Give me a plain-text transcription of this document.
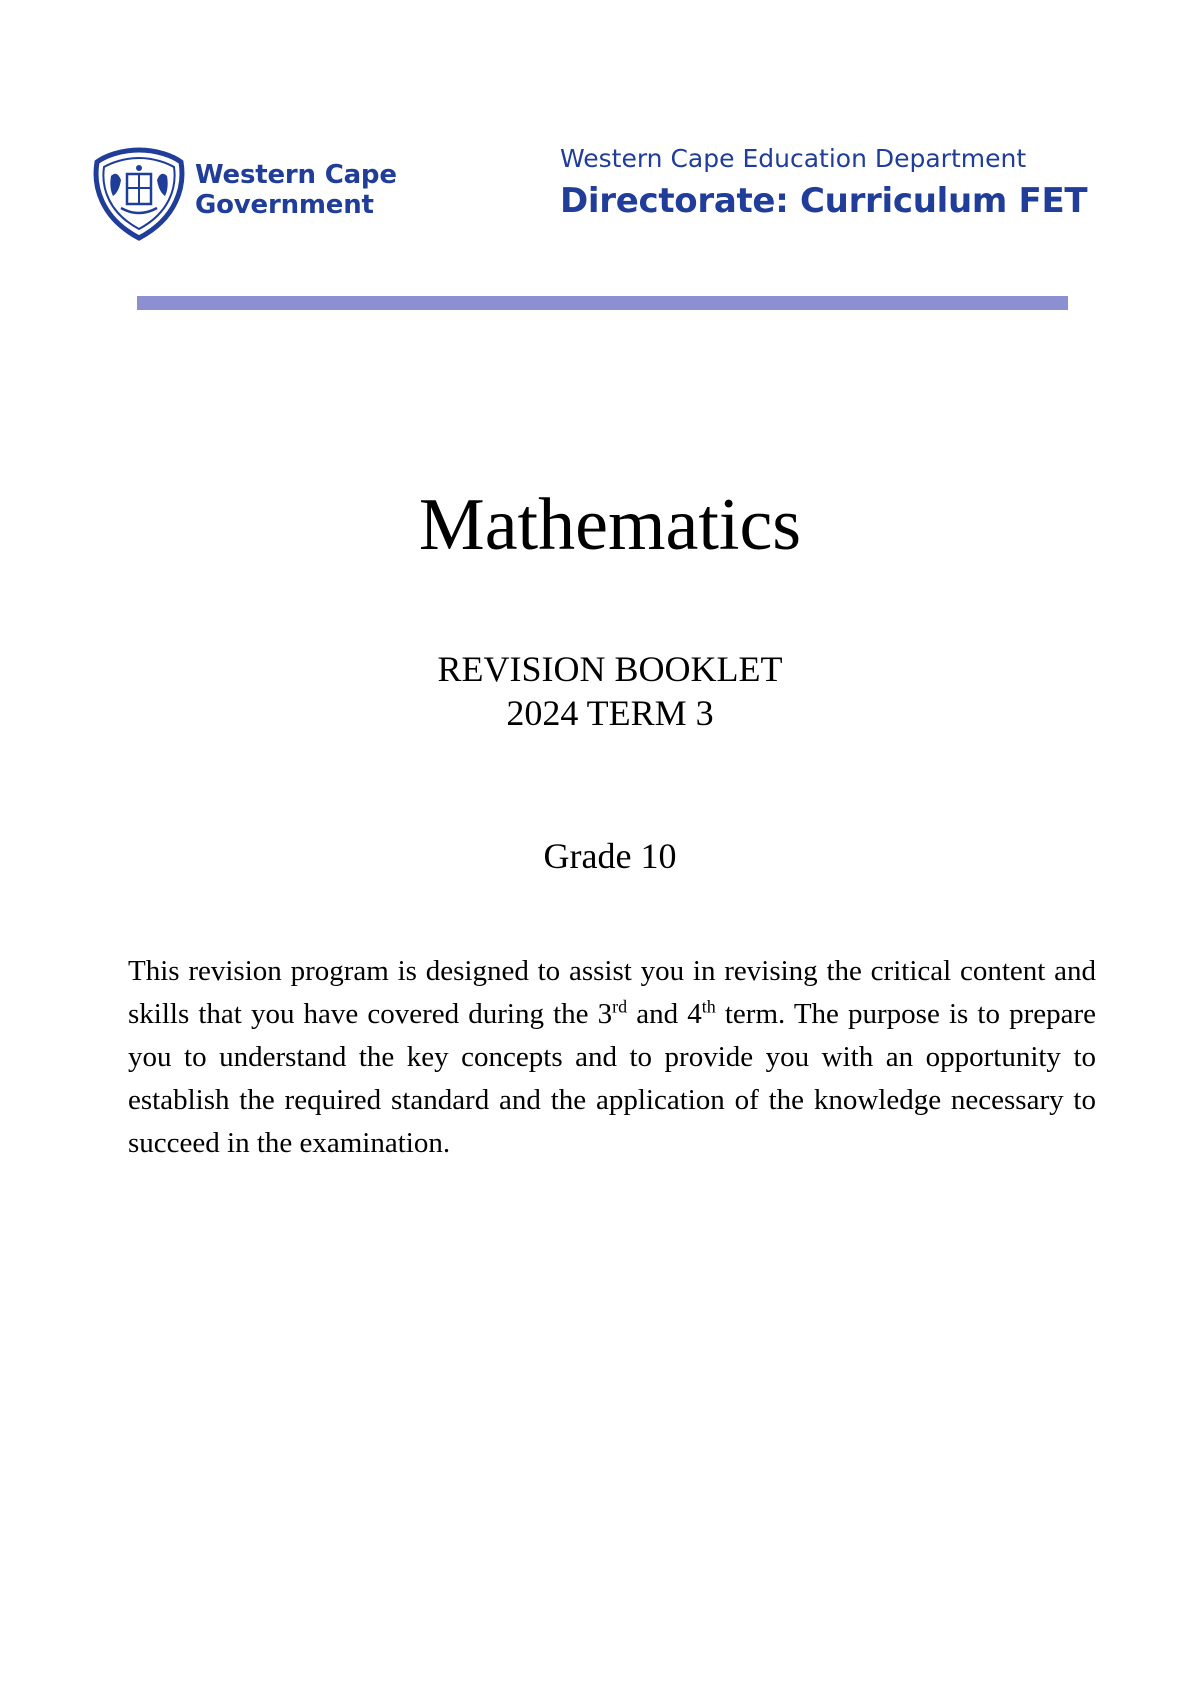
Western Cape
Government
Western Cape Education Department
Directorate: Curriculum FET
Mathematics
REVISION BOOKLET
2024 TERM 3
Grade 10
This revision program is designed to assist you in revising the critical content and skills that you have covered during the 3rd and 4th term. The purpose is to prepare you to understand the key concepts and to provide you with an opportunity to establish the required standard and the application of the knowledge necessary to succeed in the examination.
